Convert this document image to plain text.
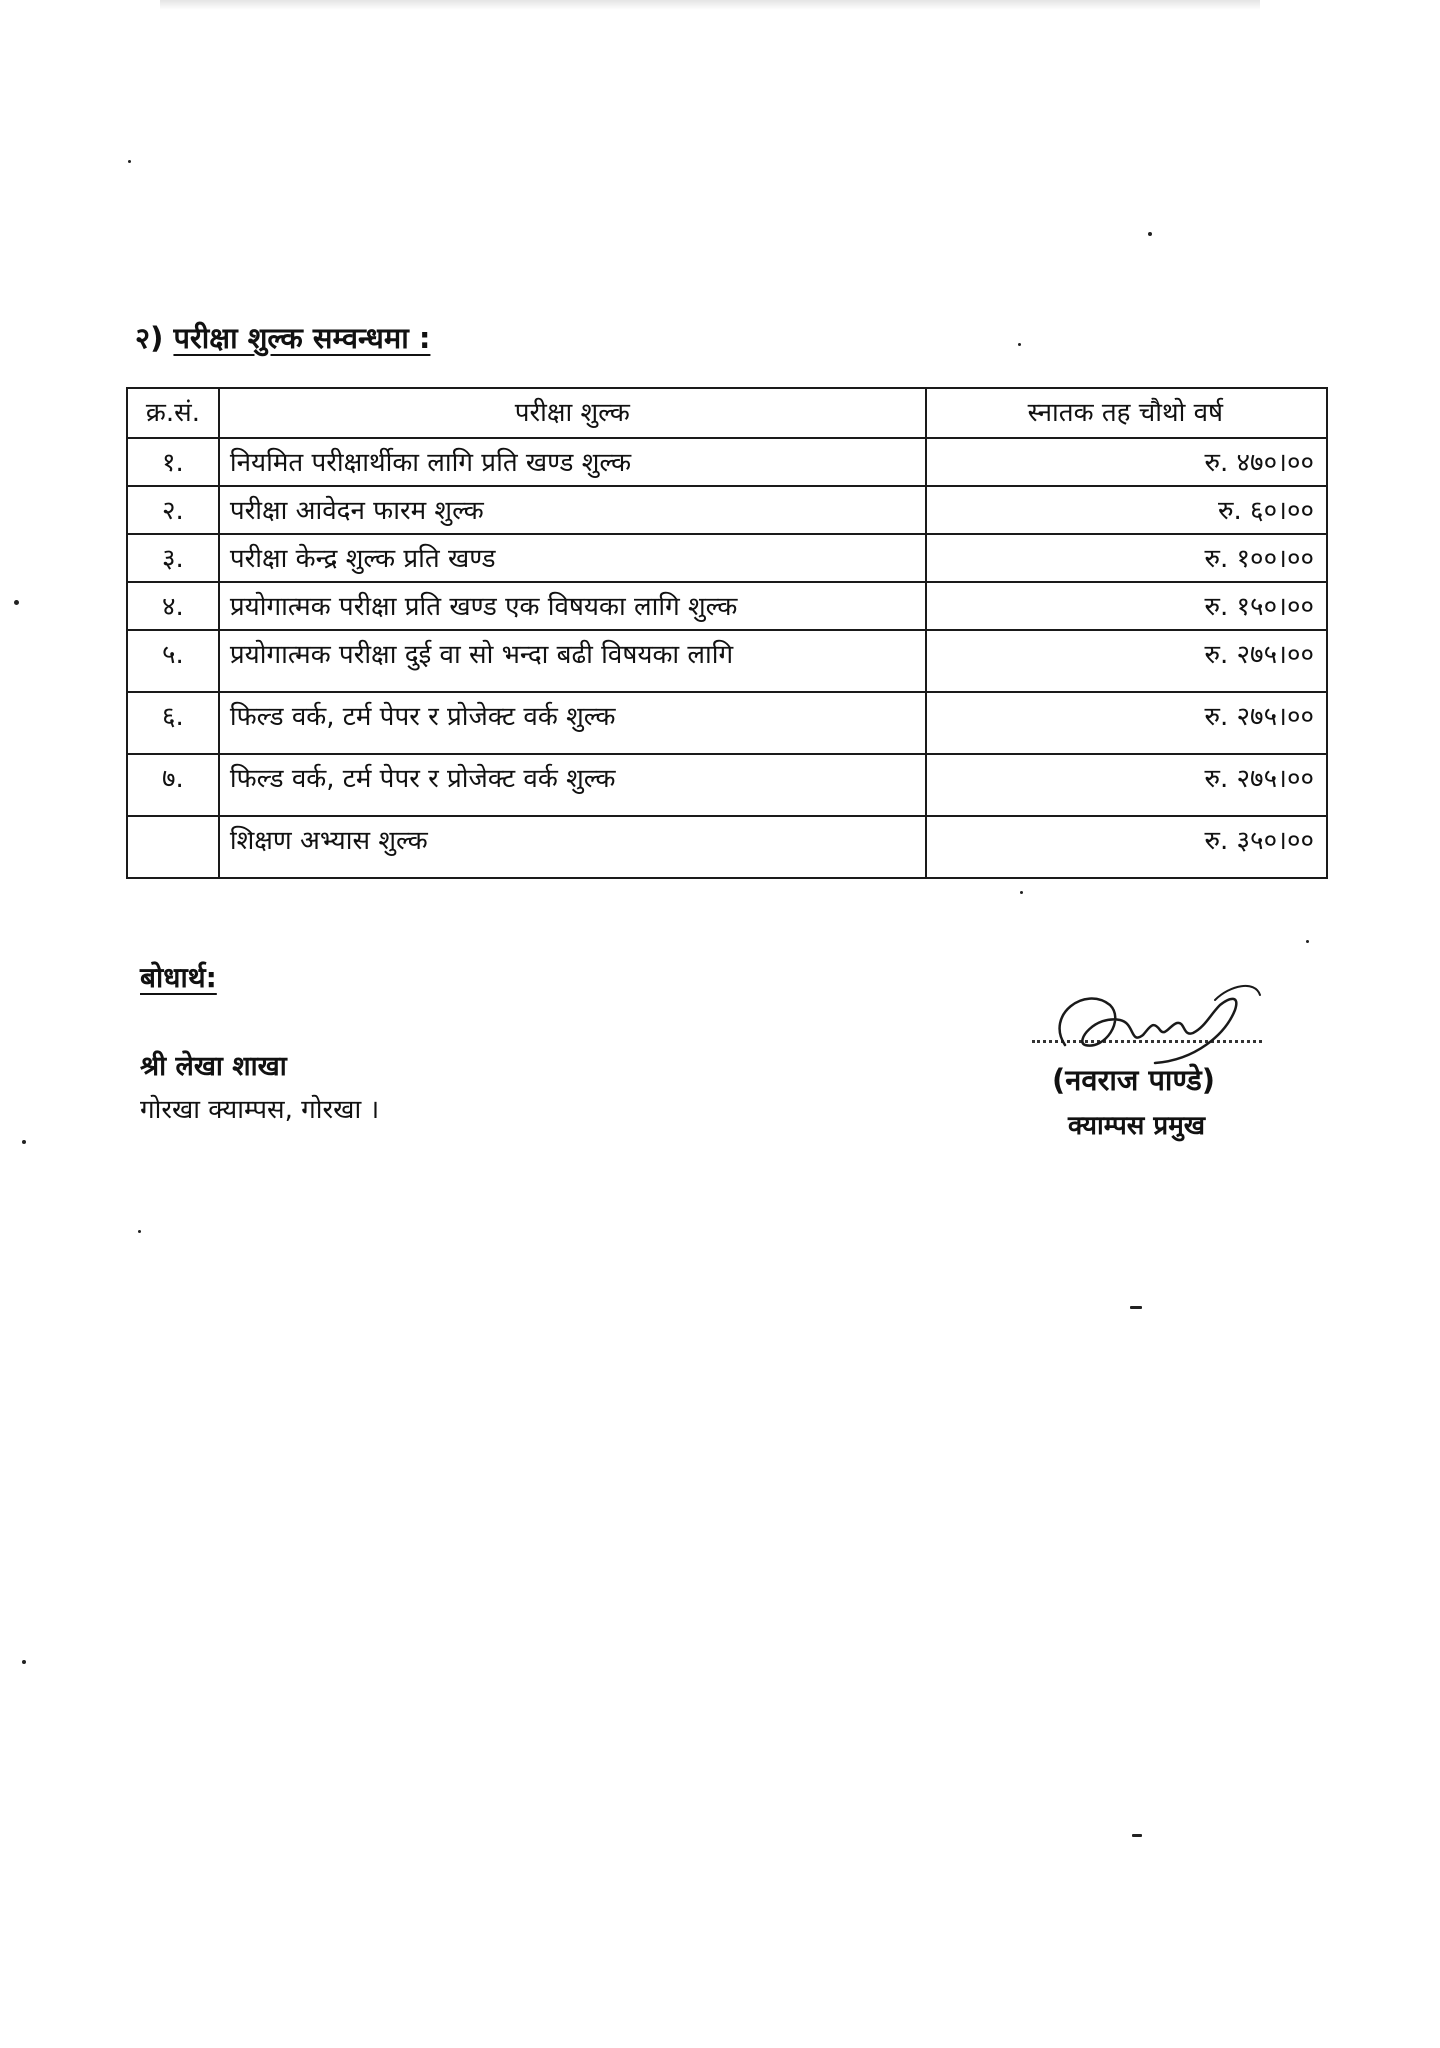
२) परीक्षा शुल्क सम्वन्धमा :
क्र.सं.	परीक्षा शुल्क	स्नातक तह चौथो वर्ष
१.	नियमित परीक्षार्थीका लागि प्रति खण्ड शुल्क	रु. ४७०।००
२.	परीक्षा आवेदन फारम शुल्क	रु. ६०।००
३.	परीक्षा केन्द्र शुल्क प्रति खण्ड	रु. १००।००
४.	प्रयोगात्मक परीक्षा प्रति खण्ड एक विषयका लागि शुल्क	रु. १५०।००
५.	प्रयोगात्मक परीक्षा दुई वा सो भन्दा बढी विषयका लागि	रु. २७५।००
६.	फिल्ड वर्क, टर्म पेपर र प्रोजेक्ट वर्क शुल्क	रु. २७५।००
७.	फिल्ड वर्क, टर्म पेपर र प्रोजेक्ट वर्क शुल्क	रु. २७५।००
	शिक्षण अभ्यास शुल्क	रु. ३५०।००
बोधार्थ:
श्री लेखा शाखा
गोरखा क्याम्पस, गोरखा ।
(नवराज पाण्डे)
क्याम्पस प्रमुख
